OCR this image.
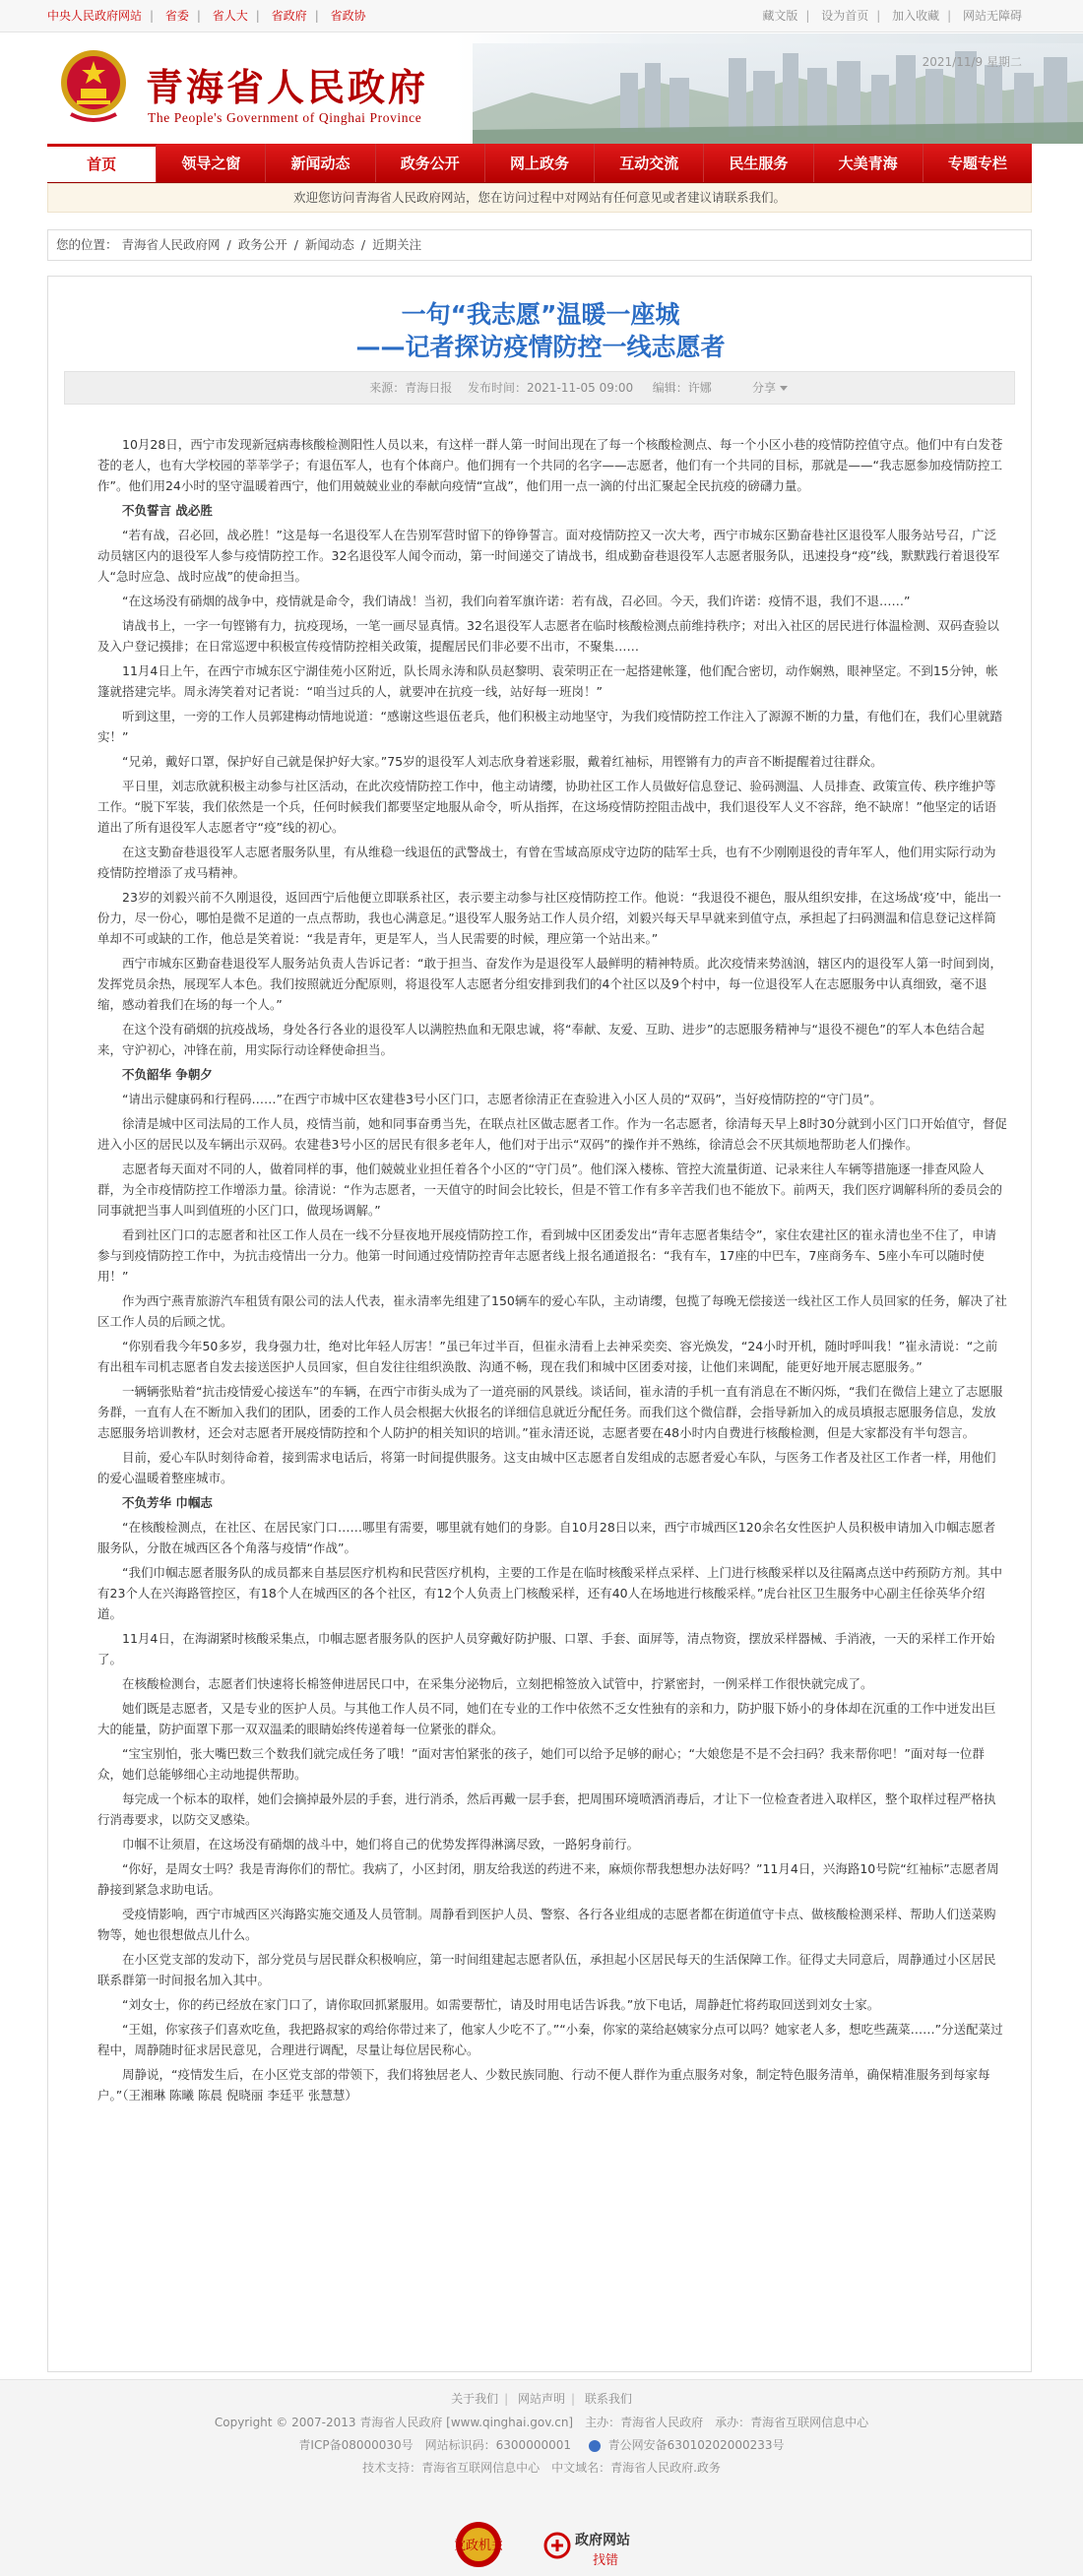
中央人民政府网站 | 省委 | 省人大 | 省政府 | 省政协	藏文版 | 设为首页 | 加入收藏 | 网站无障碍
青海省人民政府
The People's Government of Qinghai Province
2021/11/9 星期二
首页	领导之窗	新闻动态	政务公开	网上政务	互动交流	民生服务	大美青海	专题专栏
欢迎您访问青海省人民政府网站，您在访问过程中对网站有任何意见或者建议请联系我们。
您的位置： 青海省人民政府网 / 政务公开 / 新闻动态 / 近期关注
一句“我志愿”温暖一座城
——记者探访疫情防控一线志愿者
来源：青海日报 　发布时间：2021-11-05 09:00 　 编辑：许娜	分享

10月28日，西宁市发现新冠病毒核酸检测阳性人员以来，有这样一群人第一时间出现在了每一个核酸检测点、每一个小区小巷的疫情防控值守点。他们中有白发苍苍的老人，也有大学校园的莘莘学子；有退伍军人，也有个体商户。他们拥有一个共同的名字——志愿者，他们有一个共同的目标，那就是——“我志愿参加疫情防控工作”。他们用24小时的坚守温暖着西宁，他们用兢兢业业的奉献向疫情“宣战”，他们用一点一滴的付出汇聚起全民抗疫的磅礴力量。

不负誓言 战必胜

“若有战，召必回，战必胜！”这是每一名退役军人在告别军营时留下的铮铮誓言。面对疫情防控又一次大考，西宁市城东区勤奋巷社区退役军人服务站号召，广泛动员辖区内的退役军人参与疫情防控工作。32名退役军人闻令而动，第一时间递交了请战书，组成勤奋巷退役军人志愿者服务队，迅速投身“疫”线，默默践行着退役军人“急时应急、战时应战”的使命担当。

“在这场没有硝烟的战争中，疫情就是命令，我们请战！当初，我们向着军旗许诺：若有战，召必回。今天，我们许诺：疫情不退，我们不退……”

请战书上，一字一句铿锵有力，抗疫现场，一笔一画尽显真情。32名退役军人志愿者在临时核酸检测点前维持秩序；对出入社区的居民进行体温检测、双码查验以及入户登记摸排；在日常巡逻中积极宣传疫情防控相关政策，提醒居民们非必要不出市，不聚集……

11月4日上午，在西宁市城东区宁湖佳苑小区附近，队长周永涛和队员赵黎明、袁荣明正在一起搭建帐篷，他们配合密切，动作娴熟，眼神坚定。不到15分钟，帐篷就搭建完毕。周永涛笑着对记者说：“咱当过兵的人，就要冲在抗疫一线，站好每一班岗！”

听到这里，一旁的工作人员郭建梅动情地说道：“感谢这些退伍老兵，他们积极主动地坚守，为我们疫情防控工作注入了源源不断的力量，有他们在，我们心里就踏实！”

“兄弟，戴好口罩，保护好自己就是保护好大家。”75岁的退役军人刘志欣身着迷彩服，戴着红袖标，用铿锵有力的声音不断提醒着过往群众。

平日里，刘志欣就积极主动参与社区活动，在此次疫情防控工作中，他主动请缨，协助社区工作人员做好信息登记、验码测温、人员排查、政策宣传、秩序维护等工作。“脱下军装，我们依然是一个兵，任何时候我们都要坚定地服从命令，听从指挥，在这场疫情防控阻击战中，我们退役军人义不容辞，绝不缺席！”他坚定的话语道出了所有退役军人志愿者守“疫”线的初心。

在这支勤奋巷退役军人志愿者服务队里，有从维稳一线退伍的武警战士，有曾在雪域高原戍守边防的陆军士兵，也有不少刚刚退役的青年军人，他们用实际行动为疫情防控增添了戎马精神。

23岁的刘毅兴前不久刚退役，返回西宁后他便立即联系社区，表示要主动参与社区疫情防控工作。他说：“我退役不褪色，服从组织安排，在这场战‘疫’中，能出一份力，尽一份心，哪怕是微不足道的一点点帮助，我也心满意足。”退役军人服务站工作人员介绍，刘毅兴每天早早就来到值守点，承担起了扫码测温和信息登记这样简单却不可或缺的工作，他总是笑着说：“我是青年，更是军人，当人民需要的时候，理应第一个站出来。”

西宁市城东区勤奋巷退役军人服务站负责人告诉记者：“敢于担当、奋发作为是退役军人最鲜明的精神特质。此次疫情来势汹汹，辖区内的退役军人第一时间到岗，发挥党员余热，展现军人本色。我们按照就近分配原则，将退役军人志愿者分组安排到我们的4个社区以及9个村中，每一位退役军人在志愿服务中认真细致，毫不退缩，感动着我们在场的每一个人。”

在这个没有硝烟的抗疫战场，身处各行各业的退役军人以满腔热血和无限忠诚，将“奉献、友爱、互助、进步”的志愿服务精神与“退役不褪色”的军人本色结合起来，守沪初心，冲锋在前，用实际行动诠释使命担当。

不负韶华 争朝夕

“请出示健康码和行程码……”在西宁市城中区农建巷3号小区门口，志愿者徐清正在查验进入小区人员的“双码”，当好疫情防控的“守门员”。

徐清是城中区司法局的工作人员，疫情当前，她和同事奋勇当先，在联点社区做志愿者工作。作为一名志愿者，徐清每天早上8时30分就到小区门口开始值守，督促进入小区的居民以及车辆出示双码。农建巷3号小区的居民有很多老年人，他们对于出示“双码”的操作并不熟练，徐清总会不厌其烦地帮助老人们操作。

志愿者每天面对不同的人，做着同样的事，他们兢兢业业担任着各个小区的“守门员”。他们深入楼栋、管控大流量街道、记录来往人车辆等措施逐一排查风险人群，为全市疫情防控工作增添力量。徐清说：“作为志愿者，一天值守的时间会比较长，但是不管工作有多辛苦我们也不能放下。前两天，我们医疗调解科所的委员会的同事就把当事人叫到值班的小区门口，做现场调解。”

看到社区门口的志愿者和社区工作人员在一线不分昼夜地开展疫情防控工作，看到城中区团委发出“青年志愿者集结令”，家住农建社区的崔永清也坐不住了，申请参与到疫情防控工作中，为抗击疫情出一分力。他第一时间通过疫情防控青年志愿者线上报名通道报名：“我有车，17座的中巴车，7座商务车、5座小车可以随时使用！”

作为西宁燕青旅游汽车租赁有限公司的法人代表，崔永清率先组建了150辆车的爱心车队，主动请缨，包揽了每晚无偿接送一线社区工作人员回家的任务，解决了社区工作人员的后顾之忧。

“你别看我今年50多岁，我身强力壮，绝对比年轻人厉害！”虽已年过半百，但崔永清看上去神采奕奕、容光焕发，“24小时开机，随时呼叫我！”崔永清说：“之前有出租车司机志愿者自发去接送医护人员回家，但自发往往组织涣散、沟通不畅，现在我们和城中区团委对接，让他们来调配，能更好地开展志愿服务。”

一辆辆张贴着“抗击疫情爱心接送车”的车辆，在西宁市街头成为了一道亮丽的风景线。谈话间，崔永清的手机一直有消息在不断闪烁，“我们在微信上建立了志愿服务群，一直有人在不断加入我们的团队，团委的工作人员会根据大伙报名的详细信息就近分配任务。而我们这个微信群，会指导新加入的成员填报志愿服务信息，发放志愿服务培训教材，还会对志愿者开展疫情防控和个人防护的相关知识的培训。”崔永清还说，志愿者要在48小时内自费进行核酸检测，但是大家都没有半句怨言。

目前，爱心车队时刻待命着，接到需求电话后，将第一时间提供服务。这支由城中区志愿者自发组成的志愿者爱心车队，与医务工作者及社区工作者一样，用他们的爱心温暖着整座城市。

不负芳华 巾帼志

“在核酸检测点，在社区、在居民家门口……哪里有需要，哪里就有她们的身影。自10月28日以来，西宁市城西区120余名女性医护人员积极申请加入巾帼志愿者服务队，分散在城西区各个角落与疫情“作战”。

“我们巾帼志愿者服务队的成员都来自基层医疗机构和民营医疗机构，主要的工作是在临时核酸采样点采样、上门进行核酸采样以及往隔离点送中药预防方剂。其中有23个人在兴海路管控区，有18个人在城西区的各个社区，有12个人负责上门核酸采样，还有40人在场地进行核酸采样。”虎台社区卫生服务中心副主任徐英华介绍道。

11月4日，在海湖紧时核酸采集点，巾帼志愿者服务队的医护人员穿戴好防护服、口罩、手套、面屏等，清点物资，摆放采样器械、手消液，一天的采样工作开始了。

在核酸检测台，志愿者们快速将长棉签伸进居民口中，在采集分泌物后，立刻把棉签放入试管中，拧紧密封，一例采样工作很快就完成了。

她们既是志愿者，又是专业的医护人员。与其他工作人员不同，她们在专业的工作中依然不乏女性独有的亲和力，防护服下娇小的身体却在沉重的工作中迸发出巨大的能量，防护面罩下那一双双温柔的眼睛始终传递着每一位紧张的群众。

“宝宝别怕，张大嘴巴数三个数我们就完成任务了哦！”面对害怕紧张的孩子，她们可以给予足够的耐心；“大娘您是不是不会扫码？我来帮你吧！”面对每一位群众，她们总能够细心主动地提供帮助。

每完成一个标本的取样，她们会摘掉最外层的手套，进行消杀，然后再戴一层手套，把周围环境喷洒消毒后，才让下一位检查者进入取样区，整个取样过程严格执行消毒要求，以防交叉感染。

巾帼不让须眉，在这场没有硝烟的战斗中，她们将自己的优势发挥得淋漓尽致，一路躬身前行。

“你好，是周女士吗？我是青海你们的帮忙。我病了，小区封闭，朋友给我送的药进不来，麻烦你帮我想想办法好吗？”11月4日，兴海路10号院“红袖标”志愿者周静接到紧急求助电话。

受疫情影响，西宁市城西区兴海路实施交通及人员管制。周静看到医护人员、警察、各行各业组成的志愿者都在街道值守卡点、做核酸检测采样、帮助人们送菜购物等，她也很想做点儿什么。

在小区党支部的发动下，部分党员与居民群众积极响应，第一时间组建起志愿者队伍，承担起小区居民每天的生活保障工作。征得丈夫同意后，周静通过小区居民联系群第一时间报名加入其中。

“刘女士，你的药已经放在家门口了，请你取回抓紧服用。如需要帮忙，请及时用电话告诉我。”放下电话，周静赶忙将药取回送到刘女士家。

“王姐，你家孩子们喜欢吃鱼，我把路叔家的鸡给你带过来了，他家人少吃不了。”“小秦，你家的菜给赵姨家分点可以吗？她家老人多，想吃些蔬菜……”分送配菜过程中，周静随时征求居民意见，合理进行调配，尽量让每位居民称心。

周静说，“疫情发生后，在小区党支部的带领下，我们将独居老人、少数民族同胞、行动不便人群作为重点服务对象，制定特色服务清单，确保精准服务到每家每户。”（王湘琳 陈曦 陈晨 倪晓丽 李廷平 张慧慧）

关于我们 | 网站声明 | 联系我们
Copyright © 2007-2013 青海省人民政府 [www.qinghai.gov.cn]　主办：青海省人民政府　承办：青海省互联网信息中心
青ICP备08000030号　网站标识码：6300000001	青公网安备63010202000233号
技术支持：青海省互联网信息中心　中文域名：青海省人民政府.政务
党政机关	政府网站
找错
